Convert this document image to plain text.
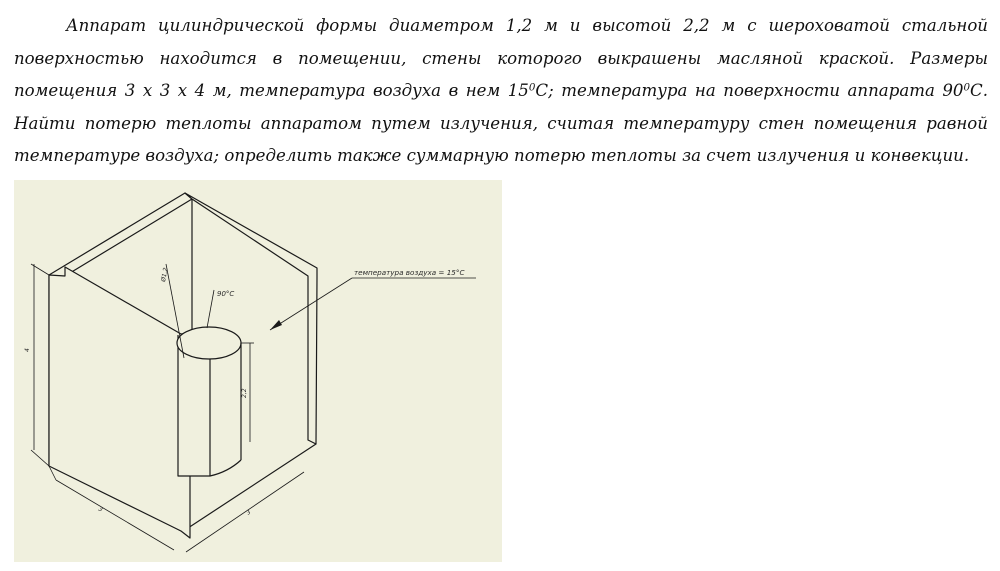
Аппарат цилиндрической формы диаметром 1,2 м и высотой 2,2 м с шероховатой стальной поверхностью находится в помещении, стены которого выкрашены масляной краской. Размеры помещения 3 х 3 х 4 м, температура воздуха в нем $15^0С$; температура на поверхности аппарата $90^0С$. Найти потерю теплоты аппаратом путем излучения, считая температуру стен помещения равной температуре воздуха; определить также суммарную потерю теплоты за счет излучения и конвекции.

температура воздуха = 15°С
90°С
Ø1,2
2,2
4
3	3
